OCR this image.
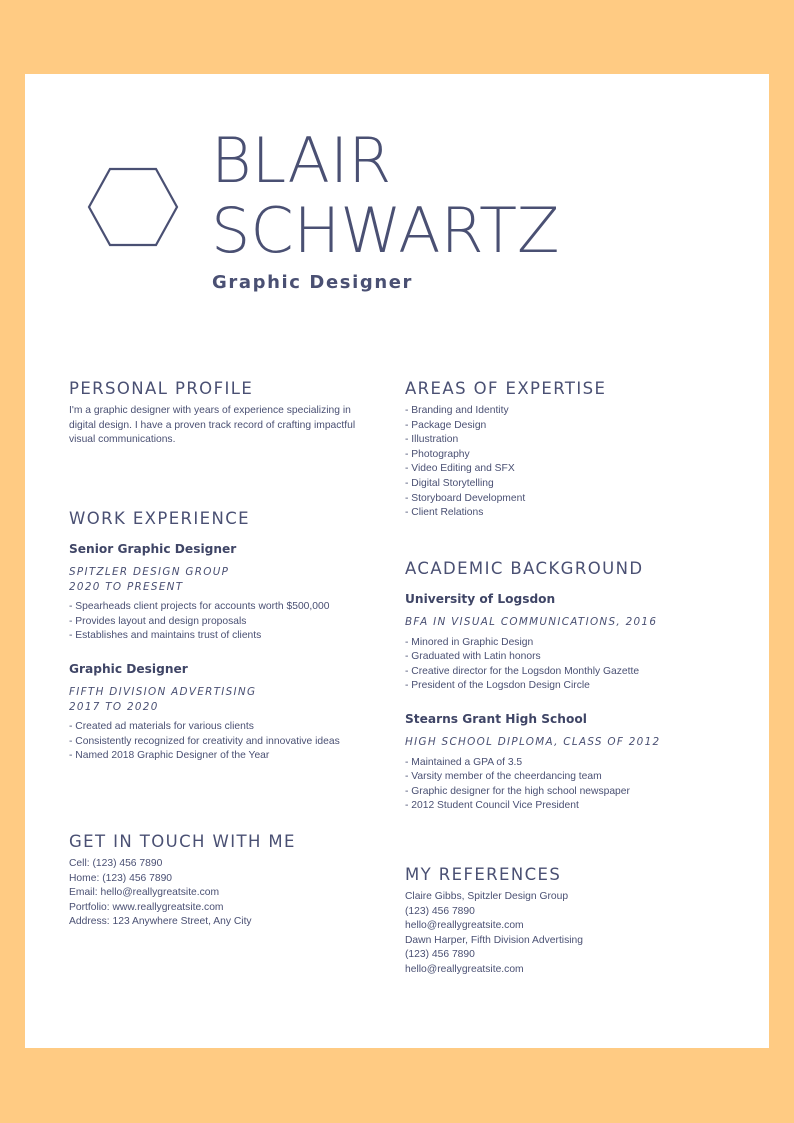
BLAIR
SCHWARTZ
Graphic Designer
PERSONAL PROFILE
I'm a graphic designer with years of experience specializing in
digital design. I have a proven track record of crafting impactful
visual communications.
WORK EXPERIENCE
Senior Graphic Designer
SPITZLER DESIGN GROUP
2020 TO PRESENT
- Spearheads client projects for accounts worth $500,000
- Provides layout and design proposals
- Establishes and maintains trust of clients
Graphic Designer
FIFTH DIVISION ADVERTISING
2017 TO 2020
- Created ad materials for various clients
- Consistently recognized for creativity and innovative ideas
- Named 2018 Graphic Designer of the Year
GET IN TOUCH WITH ME
Cell: (123) 456 7890
Home: (123) 456 7890
Email: hello@reallygreatsite.com
Portfolio: www.reallygreatsite.com
Address: 123 Anywhere Street, Any City
AREAS OF EXPERTISE
- Branding and Identity
- Package Design
- Illustration
- Photography
- Video Editing and SFX
- Digital Storytelling
- Storyboard Development
- Client Relations
ACADEMIC BACKGROUND
University of Logsdon
BFA IN VISUAL COMMUNICATIONS, 2016
- Minored in Graphic Design
- Graduated with Latin honors
- Creative director for the Logsdon Monthly Gazette
- President of the Logsdon Design Circle
Stearns Grant High School
HIGH SCHOOL DIPLOMA, CLASS OF 2012
- Maintained a GPA of 3.5
- Varsity member of the cheerdancing team
- Graphic designer for the high school newspaper
- 2012 Student Council Vice President
MY REFERENCES
Claire Gibbs, Spitzler Design Group
(123) 456 7890
hello@reallygreatsite.com
Dawn Harper, Fifth Division Advertising
(123) 456 7890
hello@reallygreatsite.com
